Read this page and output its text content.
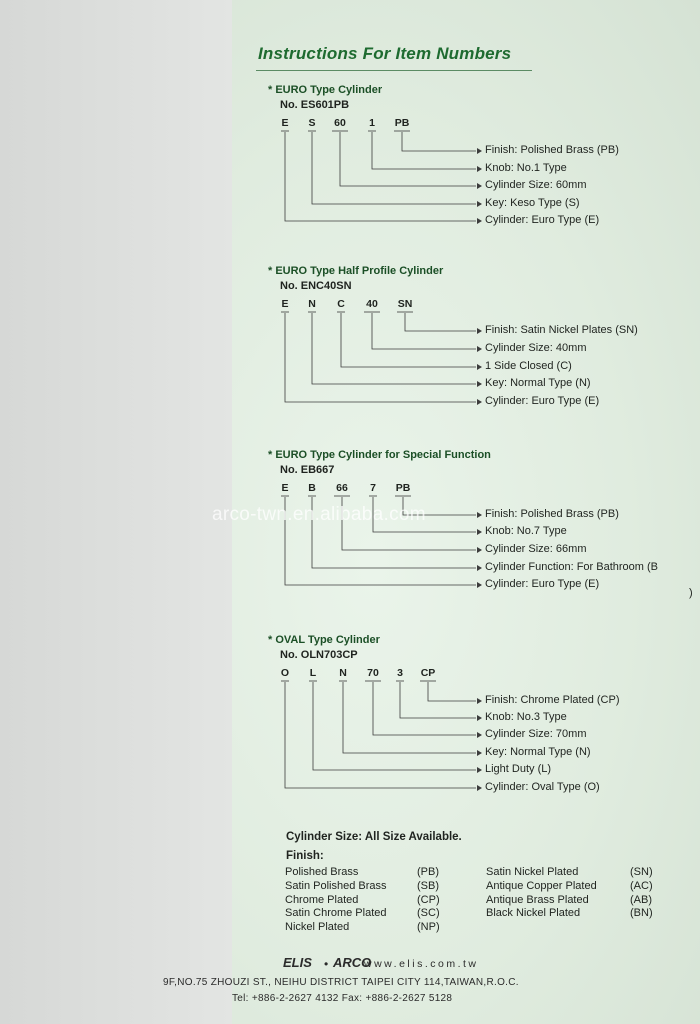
Instructions For Item Numbers
* EURO Type Cylinder
No. ES601PB
E S 60 1 PB
Finish: Polished Brass (PB)
Knob: No.1 Type
Cylinder Size: 60mm
Key: Keso Type (S)
Cylinder: Euro Type (E)
* EURO Type Half Profile Cylinder
No. ENC40SN
E N C 40 SN
Finish: Satin Nickel Plates (SN)
Cylinder Size: 40mm
1 Side Closed (C)
Key: Normal Type (N)
Cylinder: Euro Type (E)
* EURO Type Cylinder for Special Function
No. EB667
E B 66 7 PB
Finish: Polished Brass (PB)
Knob: No.7 Type
Cylinder Size: 66mm
Cylinder Function: For Bathroom (B
Cylinder: Euro Type (E)
)
* OVAL Type Cylinder
No. OLN703CP
O L N 70 3 CP
Finish: Chrome Plated (CP)
Knob: No.3 Type
Cylinder Size: 70mm
Key: Normal Type (N)
Light Duty (L)
Cylinder: Oval Type (O)
arco-twn.en.alibaba.com
Cylinder Size: All Size Available.
Finish:
Polished Brass	(PB)
Satin Polished Brass	(SB)
Chrome Plated	(CP)
Satin Chrome Plated	(SC)
Nickel Plated	(NP)
Satin Nickel Plated	(SN)
Antique Copper Plated	(AC)
Antique Brass Plated	(AB)
Black Nickel Plated	(BN)
ELIS • ARCO
www.elis.com.tw
9F,NO.75 ZHOUZI ST., NEIHU DISTRICT TAIPEI CITY 114,TAIWAN,R.O.C.
Tel: +886-2-2627 4132 Fax: +886-2-2627 5128
